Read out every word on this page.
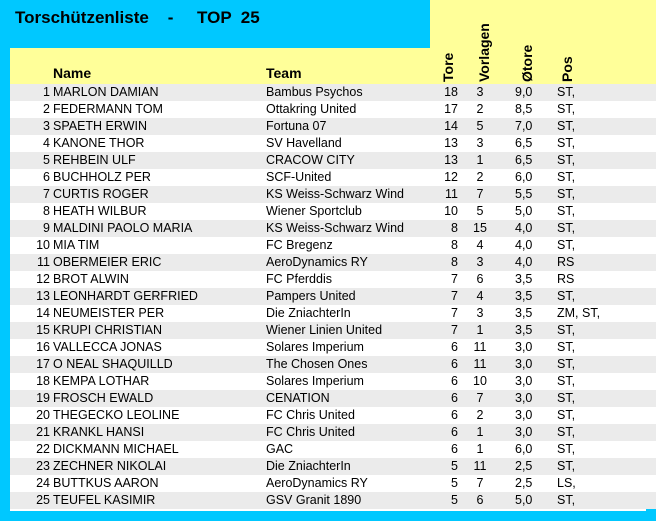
Torschützenliste - TOP  25
Name	Team	Tore Vorlagen Øtore Pos
1 MARLON DAMIAN	Bambus Psychos	18	3	9,0 ST,
2 FEDERMANN TOM	Ottakring United	17	2	8,5 ST,
3 SPAETH ERWIN	Fortuna 07	14	5	7,0 ST,
4 KANONE THOR	SV Havelland	13	3	6,5 ST,
5 REHBEIN ULF	CRACOW CITY	13	1	6,5 ST,
6 BUCHHOLZ PER	SCF-United	12	2	6,0 ST,
7 CURTIS ROGER	KS Weiss-Schwarz Wind	11	7	5,5 ST,
8 HEATH WILBUR	Wiener Sportclub	10	5	5,0 ST,
9 MALDINI PAOLO MARIA	KS Weiss-Schwarz Wind	8 15 4,0 ST,
10 MIA TIM	FC Bregenz	8	4	4,0 ST,
11 OBERMEIER ERIC	AeroDynamics RY	8	3	4,0 RS
12 BROT ALWIN	FC Pferddis	7	6	3,5 RS
13 LEONHARDT GERFRIED	Pampers United	7	4	3,5 ST,
14 NEUMEISTER PER	Die ZniachterIn	7	3	3,5 ZM, ST,
15 KRUPI CHRISTIAN	Wiener Linien United	7	1	3,5 ST,
16 VALLECCA JONAS	Solares Imperium	6 11 3,0 ST,
17 O NEAL SHAQUILLD	The Chosen Ones	6 11 3,0 ST,
18 KEMPA LOTHAR	Solares Imperium	6 10 3,0 ST,
19 FROSCH EWALD	CENATION	6	7	3,0 ST,
20 THEGECKO LEOLINE	FC Chris United	6	2	3,0 ST,
21 KRANKL HANSI	FC Chris United	6	1	3,0 ST,
22 DICKMANN MICHAEL	GAC	6	1	6,0 ST,
23 ZECHNER NIKOLAI	Die ZniachterIn	5 11 2,5 ST,
24 BUTTKUS AARON	AeroDynamics RY	5	7	2,5 LS,
25 TEUFEL KASIMIR	GSV Granit 1890	5	6	5,0 ST,
